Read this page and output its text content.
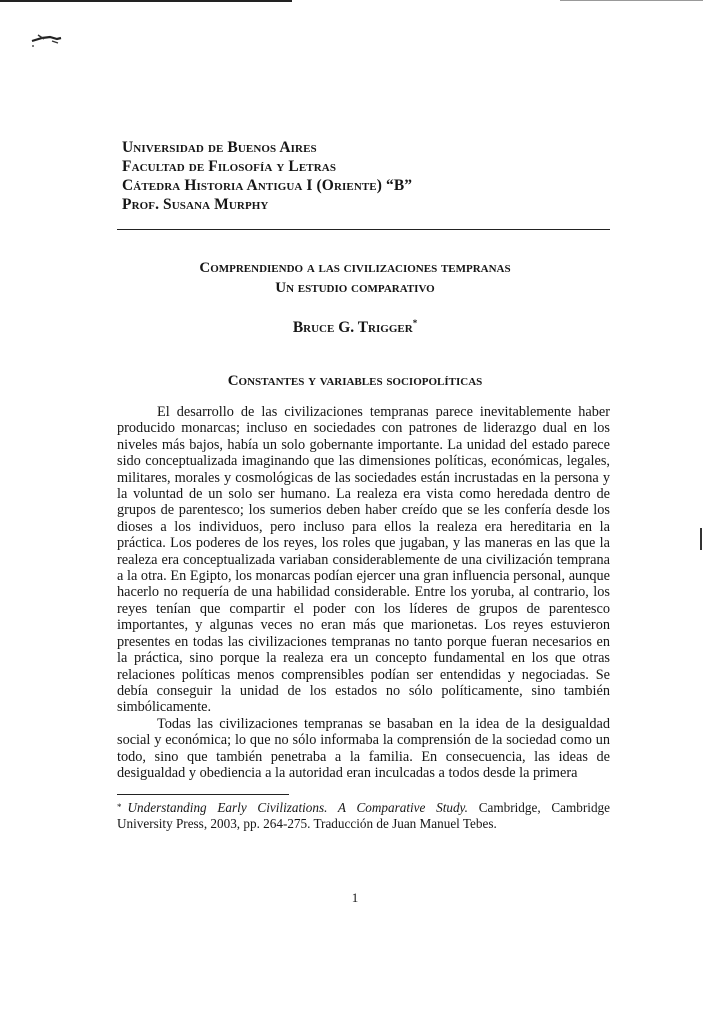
Universidad de Buenos Aires
Facultad de Filosofía y Letras
Cátedra Historia Antigua I (Oriente) “B”
Prof. Susana Murphy
Comprendiendo a las civilizaciones tempranas
Un estudio comparativo
Bruce G. Trigger*
Constantes y variables sociopolíticas
El desarrollo de las civilizaciones tempranas parece inevitablemente haber
producido monarcas; incluso en sociedades con patrones de liderazgo dual en los
niveles más bajos, había un solo gobernante importante. La unidad del estado parece
sido conceptualizada imaginando que las dimensiones políticas, económicas, legales,
militares, morales y cosmológicas de las sociedades están incrustadas en la persona y
la voluntad de un solo ser humano. La realeza era vista como heredada dentro de
grupos de parentesco; los sumerios deben haber creído que se les confería desde los
dioses a los individuos, pero incluso para ellos la realeza era hereditaria en la
práctica. Los poderes de los reyes, los roles que jugaban, y las maneras en las que la
realeza era conceptualizada variaban considerablemente de una civilización temprana
a la otra. En Egipto, los monarcas podían ejercer una gran influencia personal, aunque
hacerlo no requería de una habilidad considerable. Entre los yoruba, al contrario, los
reyes tenían que compartir el poder con los líderes de grupos de parentesco
importantes, y algunas veces no eran más que marionetas. Los reyes estuvieron
presentes en todas las civilizaciones tempranas no tanto porque fueran necesarios en
la práctica, sino porque la realeza era un concepto fundamental en los que otras
relaciones políticas menos comprensibles podían ser entendidas y negociadas. Se
debía conseguir la unidad de los estados no sólo políticamente, sino también
simbólicamente.
Todas las civilizaciones tempranas se basaban en la idea de la desigualdad
social y económica; lo que no sólo informaba la comprensión de la sociedad como un
todo, sino que también penetraba a la familia. En consecuencia, las ideas de
desigualdad y obediencia a la autoridad eran inculcadas a todos desde la primera
* Understanding Early Civilizations. A Comparative Study. Cambridge, Cambridge
University Press, 2003, pp. 264-275. Traducción de Juan Manuel Tebes.
1
